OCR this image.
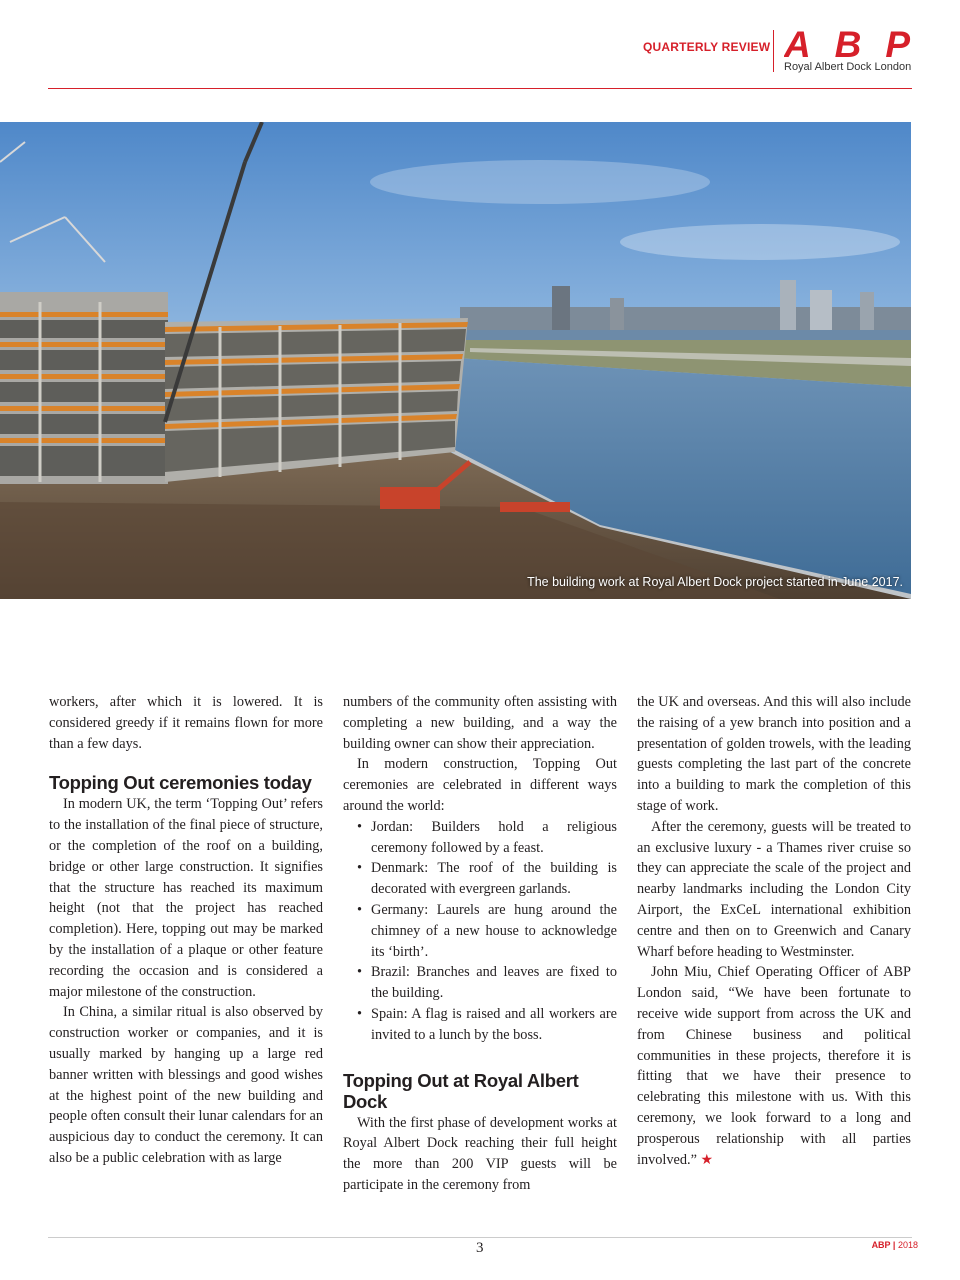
QUARTERLY REVIEW ABP
Royal Albert Dock London
The building work at Royal Albert Dock project started in June 2017.

workers, after which it is lowered. It is considered greedy if it remains flown for more than a few days.

Topping Out ceremonies today

In modern UK, the term ‘Topping Out’ refers to the installation of the final piece of structure, or the completion of the roof on a building, bridge or other large construction. It signifies that the structure has reached its maximum height (not that the project has reached completion). Here, topping out may be marked by the installation of a plaque or other feature recording the occasion and is considered a major milestone of the construction.

In China, a similar ritual is also observed by construction worker or companies, and it is usually marked by hanging up a large red banner written with blessings and good wishes at the highest point of the new building and people often consult their lunar calendars for an auspicious day to conduct the ceremony. It can also be a public celebration with as large

numbers of the community often assisting with completing a new building, and a way the building owner can show their appreciation.

In modern construction, Topping Out ceremonies are celebrated in different ways around the world:

• Jordan: Builders hold a religious ceremony followed by a feast.
• Denmark: The roof of the building is decorated with evergreen garlands.
• Germany: Laurels are hung around the chimney of a new house to acknowledge its ‘birth’.
• Brazil: Branches and leaves are fixed to the building.
• Spain: A flag is raised and all workers are invited to a lunch by the boss.
Topping Out at Royal Albert Dock

With the first phase of development works at Royal Albert Dock reaching their full height the more than 200 VIP guests will be participate in the ceremony from

the UK and overseas. And this will also include the raising of a yew branch into position and a presentation of golden trowels, with the leading guests completing the last part of the concrete into a building to mark the completion of this stage of work.

After the ceremony, guests will be treated to an exclusive luxury - a Thames river cruise so they can appreciate the scale of the project and nearby landmarks including the London City Airport, the ExCeL international exhibition centre and then on to Greenwich and Canary Wharf before heading to Westminster.

John Miu, Chief Operating Officer of ABP London said, “We have been fortunate to receive wide support from across the UK and from Chinese business and political communities in these projects, therefore it is fitting that we have their presence to celebrating this milestone with us. With this ceremony, we look forward to a long and prosperous relationship with all parties involved.” ★

3	ABP | 2018
